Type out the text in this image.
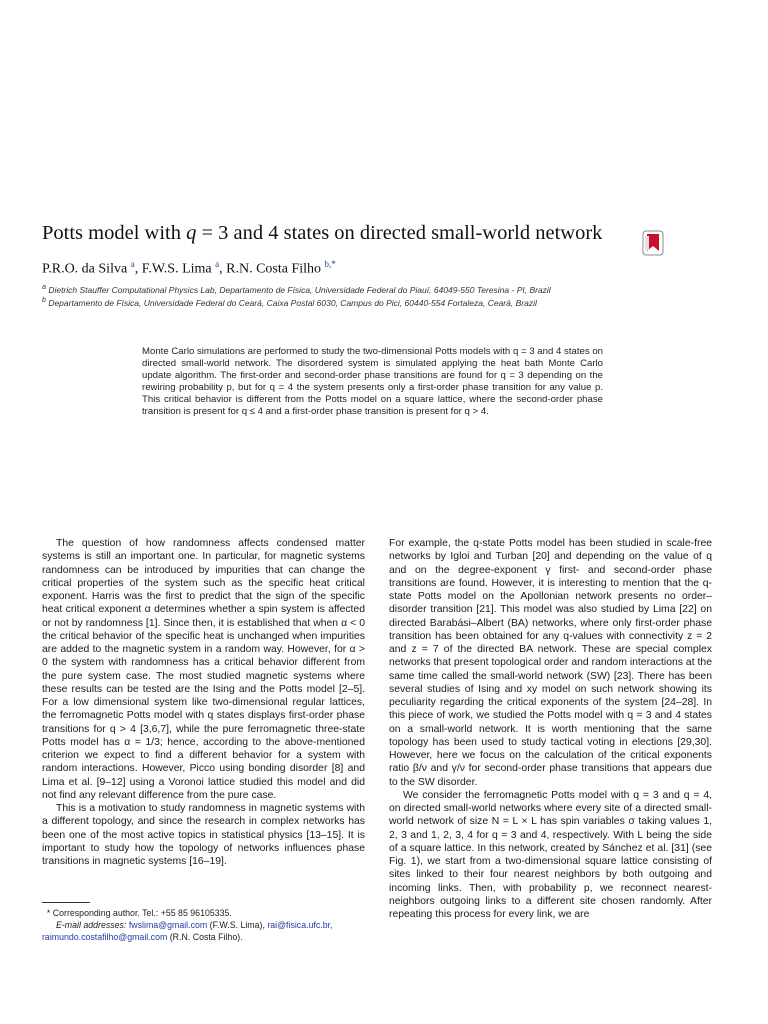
Potts model with q = 3 and 4 states on directed small-world network
P.R.O. da Silva $^a$, F.W.S. Lima $^a$, R.N. Costa Filho $^{b,*}$
$^a$ Dietrich Stauffer Computational Physics Lab, Departamento de Física, Universidade Federal do Piauí, 64049-550 Teresina - PI, Brazil
$^b$ Departamento de Física, Universidade Federal do Ceará, Caixa Postal 6030, Campus do Pici, 60440-554 Fortaleza, Ceará, Brazil
Monte Carlo simulations are performed to study the two-dimensional Potts models with q = 3 and 4 states on directed small-world network. The disordered system is simulated applying the heat bath Monte Carlo update algorithm. The first-order and second-order phase transitions are found for q = 3 depending on the rewiring probability p, but for q = 4 the system presents only a first-order phase transition for any value p. This critical behavior is different from the Potts model on a square lattice, where the second-order phase transition is present for q ≤ 4 and a first-order phase transition is present for q > 4.

The question of how randomness affects condensed matter systems is still an important one. In particular, for magnetic systems randomness can be introduced by impurities that can change the critical properties of the system such as the specific heat critical exponent. Harris was the first to predict that the sign of the specific heat critical exponent α determines whether a spin system is affected or not by randomness [1]. Since then, it is established that when α < 0 the critical behavior of the specific heat is unchanged when impurities are added to the magnetic system in a random way. However, for α > 0 the system with randomness has a critical behavior different from the pure system case. The most studied magnetic systems where these results can be tested are the Ising and the Potts model [2–5]. For a low dimensional system like two-dimensional regular lattices, the ferromagnetic Potts model with q states displays first-order phase transitions for q > 4 [3,6,7], while the pure ferromagnetic three-state Potts model has α = 1/3; hence, according to the above-mentioned criterion we expect to find a different behavior for a system with random interactions. However, Picco using bonding disorder [8] and Lima et al. [9–12] using a Voronoi lattice studied this model and did not find any relevant difference from the pure case.

This is a motivation to study randomness in magnetic systems with a different topology, and since the research in complex networks has been one of the most active topics in statistical physics [13–15]. It is important to study how the topology of networks influences phase transitions in magnetic systems [16–19].

For example, the q-state Potts model has been studied in scale-free networks by Igloi and Turban [20] and depending on the value of q and on the degree-exponent γ first- and second-order phase transitions are found. However, it is interesting to mention that the q-state Potts model on the Apollonian network presents no order–disorder transition [21]. This model was also studied by Lima [22] on directed Barabási–Albert (BA) networks, where only first-order phase transition has been obtained for any q-values with connectivity z = 2 and z = 7 of the directed BA network. These are special complex networks that present topological order and random interactions at the same time called the small-world network (SW) [23]. There has been several studies of Ising and xy model on such network showing its peculiarity regarding the critical exponents of the system [24–28]. In this piece of work, we studied the Potts model with q = 3 and 4 states on a small-world network. It is worth mentioning that the same topology has been used to study tactical voting in elections [29,30]. However, here we focus on the calculation of the critical exponents ratio β/ν and γ/ν for second-order phase transitions that appears due to the SW disorder.

We consider the ferromagnetic Potts model with q = 3 and q = 4, on directed small-world networks where every site of a directed small-world network of size N = L × L has spin variables σ taking values 1, 2, 3 and 1, 2, 3, 4 for q = 3 and 4, respectively. With L being the side of a square lattice. In this network, created by Sánchez et al. [31] (see Fig. 1), we start from a two-dimensional square lattice consisting of sites linked to their four nearest neighbors by both outgoing and incoming links. Then, with probability p, we reconnect nearest-neighbors outgoing links to a different site chosen randomly. After repeating this process for every link, we are

* Corresponding author. Tel.: +55 85 96105335.
E-mail addresses: fwslima@gmail.com (F.W.S. Lima), rai@fisica.ufc.br,
raimundo.costafilho@gmail.com (R.N. Costa Filho).
